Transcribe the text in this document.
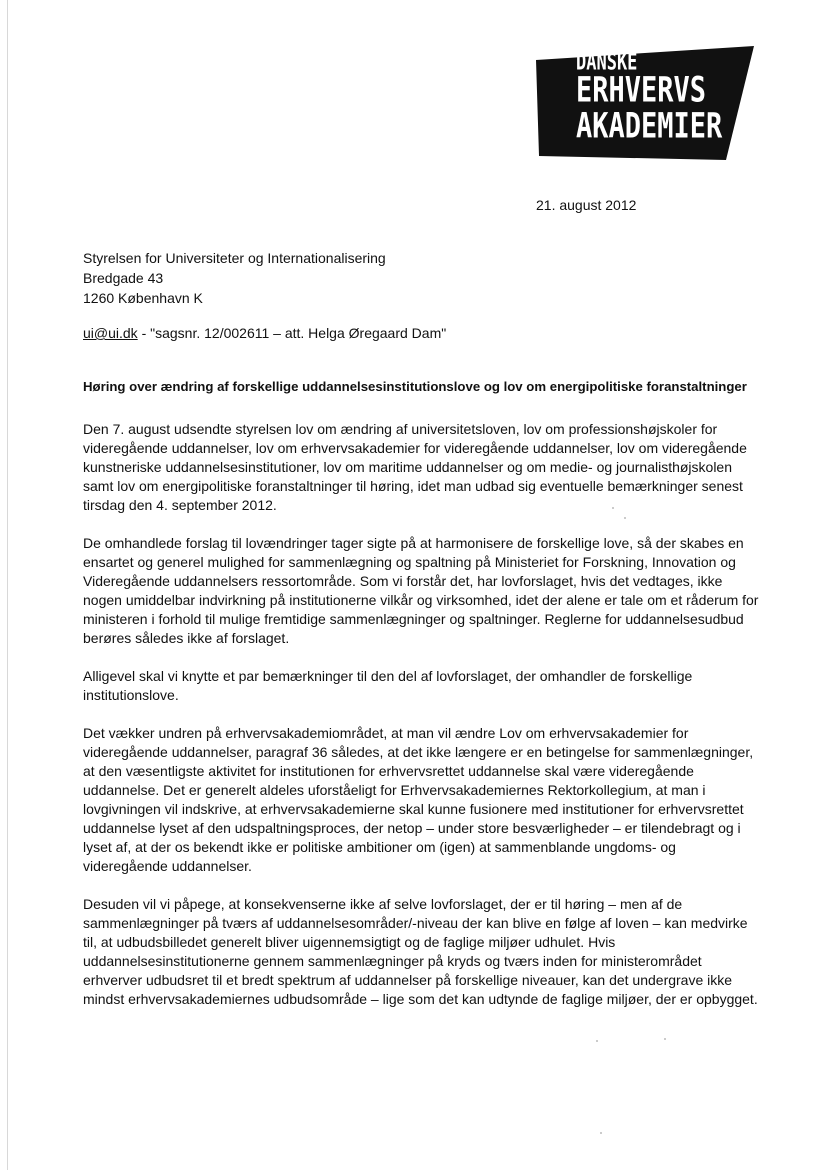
DANSKE
ERHVERVS
AKADEMIER
21. august 2012
Styrelsen for Universiteter og Internationalisering
Bredgade 43
1260 København K
ui@ui.dk - "sagsnr. 12/002611 – att. Helga Øregaard Dam"
Høring over ændring af forskellige uddannelsesinstitutionslove og lov om energipolitiske foranstaltninger

Den 7. august udsendte styrelsen lov om ændring af universitetsloven, lov om professionshøjskoler for videregående uddannelser, lov om erhvervsakademier for videregående uddannelser, lov om videregående kunstneriske uddannelsesinstitutioner, lov om maritime uddannelser og om medie- og journalisthøjskolen samt lov om energipolitiske foranstaltninger til høring, idet man udbad sig eventuelle bemærkninger senest tirsdag den 4. september 2012.

De omhandlede forslag til lovændringer tager sigte på at harmonisere de forskellige love, så der skabes en ensartet og generel mulighed for sammenlægning og spaltning på Ministeriet for Forskning, Innovation og Videregående uddannelsers ressortområde. Som vi forstår det, har lovforslaget, hvis det vedtages, ikke nogen umiddelbar indvirkning på institutionerne vilkår og virksomhed, idet der alene er tale om et råderum for ministeren i forhold til mulige fremtidige sammenlægninger og spaltninger. Reglerne for uddannelsesudbud berøres således ikke af forslaget.

Alligevel skal vi knytte et par bemærkninger til den del af lovforslaget, der omhandler de forskellige institutionslove.

Det vækker undren på erhvervsakademiområdet, at man vil ændre Lov om erhvervsakademier for videregående uddannelser, paragraf 36 således, at det ikke længere er en betingelse for sammenlægninger, at den væsentligste aktivitet for institutionen for erhvervsrettet uddannelse skal være videregående uddannelse. Det er generelt aldeles uforståeligt for Erhvervsakademiernes Rektorkollegium, at man i lovgivningen vil indskrive, at erhvervsakademierne skal kunne fusionere med institutioner for erhvervsrettet uddannelse lyset af den udspaltningsproces, der netop – under store besværligheder – er tilendebragt og i lyset af, at der os bekendt ikke er politiske ambitioner om (igen) at sammenblande ungdoms- og videregående uddannelser.

Desuden vil vi påpege, at konsekvenserne ikke af selve lovforslaget, der er til høring – men af de sammenlægninger på tværs af uddannelsesområder/-niveau der kan blive en følge af loven – kan medvirke til, at udbudsbilledet generelt bliver uigennemsigtigt og de faglige miljøer udhulet. Hvis uddannelsesinstitutionerne gennem sammenlægninger på kryds og tværs inden for ministerområdet erhverver udbudsret til et bredt spektrum af uddannelser på forskellige niveauer, kan det undergrave ikke mindst erhvervsakademiernes udbudsområde – lige som det kan udtynde de faglige miljøer, der er opbygget.
